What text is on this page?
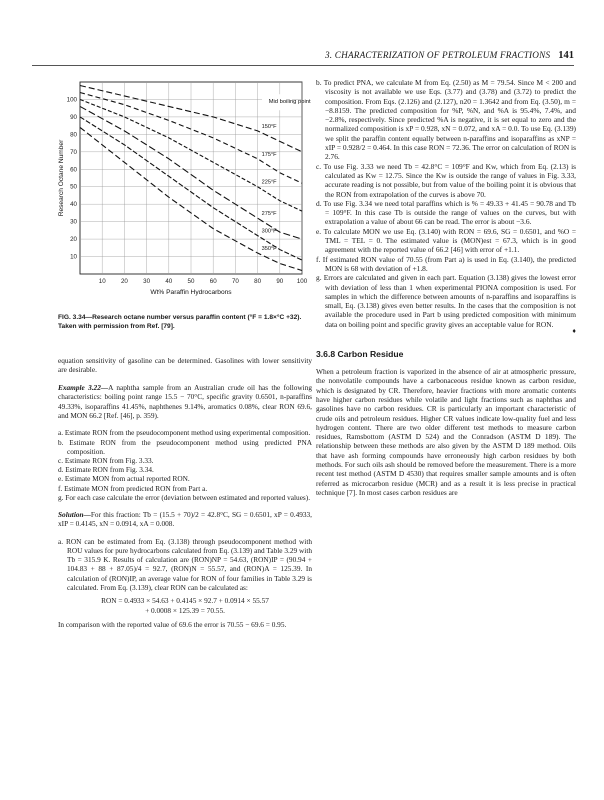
3. CHARACTERIZATION OF PETROLEUM FRACTIONS 141
10 20 30 40 50 60 70 80 90 100
10
20
30
40
50
60
70
80
90
100
150°F
175°F
225°F
275°F
300°F
350°F
Mid boiling point
Wt% Paraffin Hydrocarbons
Research Octane Number
FIG. 3.34—Research octane number versus paraffin content (°F = 1.8×°C +32). Taken with permission from Ref. [79].

equation sensitivity of gasoline can be determined. Gasolines with lower sensitivity are desirable.

Example 3.22—A naphtha sample from an Australian crude oil has the following characteristics: boiling point range 15.5 − 70°C, specific gravity 0.6501, n-paraffins 49.33%, isoparaffins 41.45%, naphthenes 9.14%, aromatics 0.08%, clear RON 69.6, and MON 66.2 [Ref. [46], p. 359).

a. Estimate RON from the pseudocomponent method using experimental composition.
b. Estimate RON from the pseudocomponent method using predicted PNA composition.
c. Estimate RON from Fig. 3.33.
d. Estimate RON from Fig. 3.34.
e. Estimate MON from actual reported RON.
f. Estimate MON from predicted RON from Part a.
g. For each case calculate the error (deviation between estimated and reported values).

Solution—For this fraction: Tb = (15.5 + 70)/2 = 42.8°C, SG = 0.6501, xP = 0.4933, xIP = 0.4145, xN = 0.0914, xA = 0.008.

a. RON can be estimated from Eq. (3.138) through pseudocomponent method with ROU values for pure hydrocarbons calculated from Eq. (3.139) and Table 3.29 with Tb = 315.9 K. Results of calculation are (RON)NP = 54.63, (RON)IP = (90.94 + 104.83 + 88 + 87.05)/4 = 92.7, (RON)N = 55.57, and (RON)A = 125.39. In calculation of (RON)IP, an average value for RON of four families in Table 3.29 is calculated. From Eq. (3.139), clear RON can be calculated as:
RON = 0.4933 × 54.63 + 0.4145 × 92.7 + 0.0914 × 55.57
+ 0.0008 × 125.39 = 70.55.

In comparison with the reported value of 69.6 the error is 70.55 − 69.6 = 0.95.

b. To predict PNA, we calculate M from Eq. (2.50) as M = 79.54. Since M < 200 and viscosity is not available we use Eqs. (3.77) and (3.78) and (3.72) to predict the composition. From Eqs. (2.126) and (2.127), n20 = 1.3642 and from Eq. (3.50), m = −8.8159. The predicted composition for %P, %N, and %A is 95.4%, 7.4%, and −2.8%, respectively. Since predicted %A is negative, it is set equal to zero and the normalized composition is xP = 0.928, xN = 0.072, and xA = 0.0. To use Eq. (3.139) we split the paraffin content equally between n-paraffins and isoparaffins as xNP = xIP = 0.928/2 = 0.464. In this case RON = 72.36. The error on calculation of RON is 2.76.
c. To use Fig. 3.33 we need Tb = 42.8°C = 109°F and Kw, which from Eq. (2.13) is calculated as Kw = 12.75. Since the Kw is outside the range of values in Fig. 3.33, accurate reading is not possible, but from value of the boiling point it is obvious that the RON from extrapolation of the curves is above 70.
d. To use Fig. 3.34 we need total paraffins which is % = 49.33 + 41.45 = 90.78 and Tb = 109°F. In this case Tb is outside the range of values on the curves, but with extrapolation a value of about 66 can be read. The error is about −3.6.
e. To calculate MON we use Eq. (3.140) with RON = 69.6, SG = 0.6501, and %O = TML = TEL = 0. The estimated value is (MON)est = 67.3, which is in good agreement with the reported value of 66.2 [46] with error of +1.1.
f. If estimated RON value of 70.55 (from Part a) is used in Eq. (3.140), the predicted MON is 68 with deviation of +1.8.
g. Errors are calculated and given in each part. Equation (3.138) gives the lowest error with deviation of less than 1 when experimental PIONA composition is used. For samples in which the difference between amounts of n-paraffins and isoparaffins is small, Eq. (3.138) gives even better results. In the cases that the composition is not available the procedure used in Part b using predicted composition with minimum data on boiling point and specific gravity gives an acceptable value for RON.
♦
3.6.8 Carbon Residue

When a petroleum fraction is vaporized in the absence of air at atmospheric pressure, the nonvolatile compounds have a carbonaceous residue known as carbon residue, which is designated by CR. Therefore, heavier fractions with more aromatic contents have higher carbon residues while volatile and light fractions such as naphthas and gasolines have no carbon residues. CR is particularly an important characteristic of crude oils and petroleum residues. Higher CR values indicate low-quality fuel and less hydrogen content. There are two older different test methods to measure carbon residues, Ramsbottom (ASTM D 524) and the Conradson (ASTM D 189). The relationship between these methods are also given by the ASTM D 189 method. Oils that have ash forming compounds have erroneously high carbon residues by both methods. For such oils ash should be removed before the measurement. There is a more recent test method (ASTM D 4530) that requires smaller sample amounts and is often referred as microcarbon residue (MCR) and as a result it is less precise in practical technique [7]. In most cases carbon residues are
